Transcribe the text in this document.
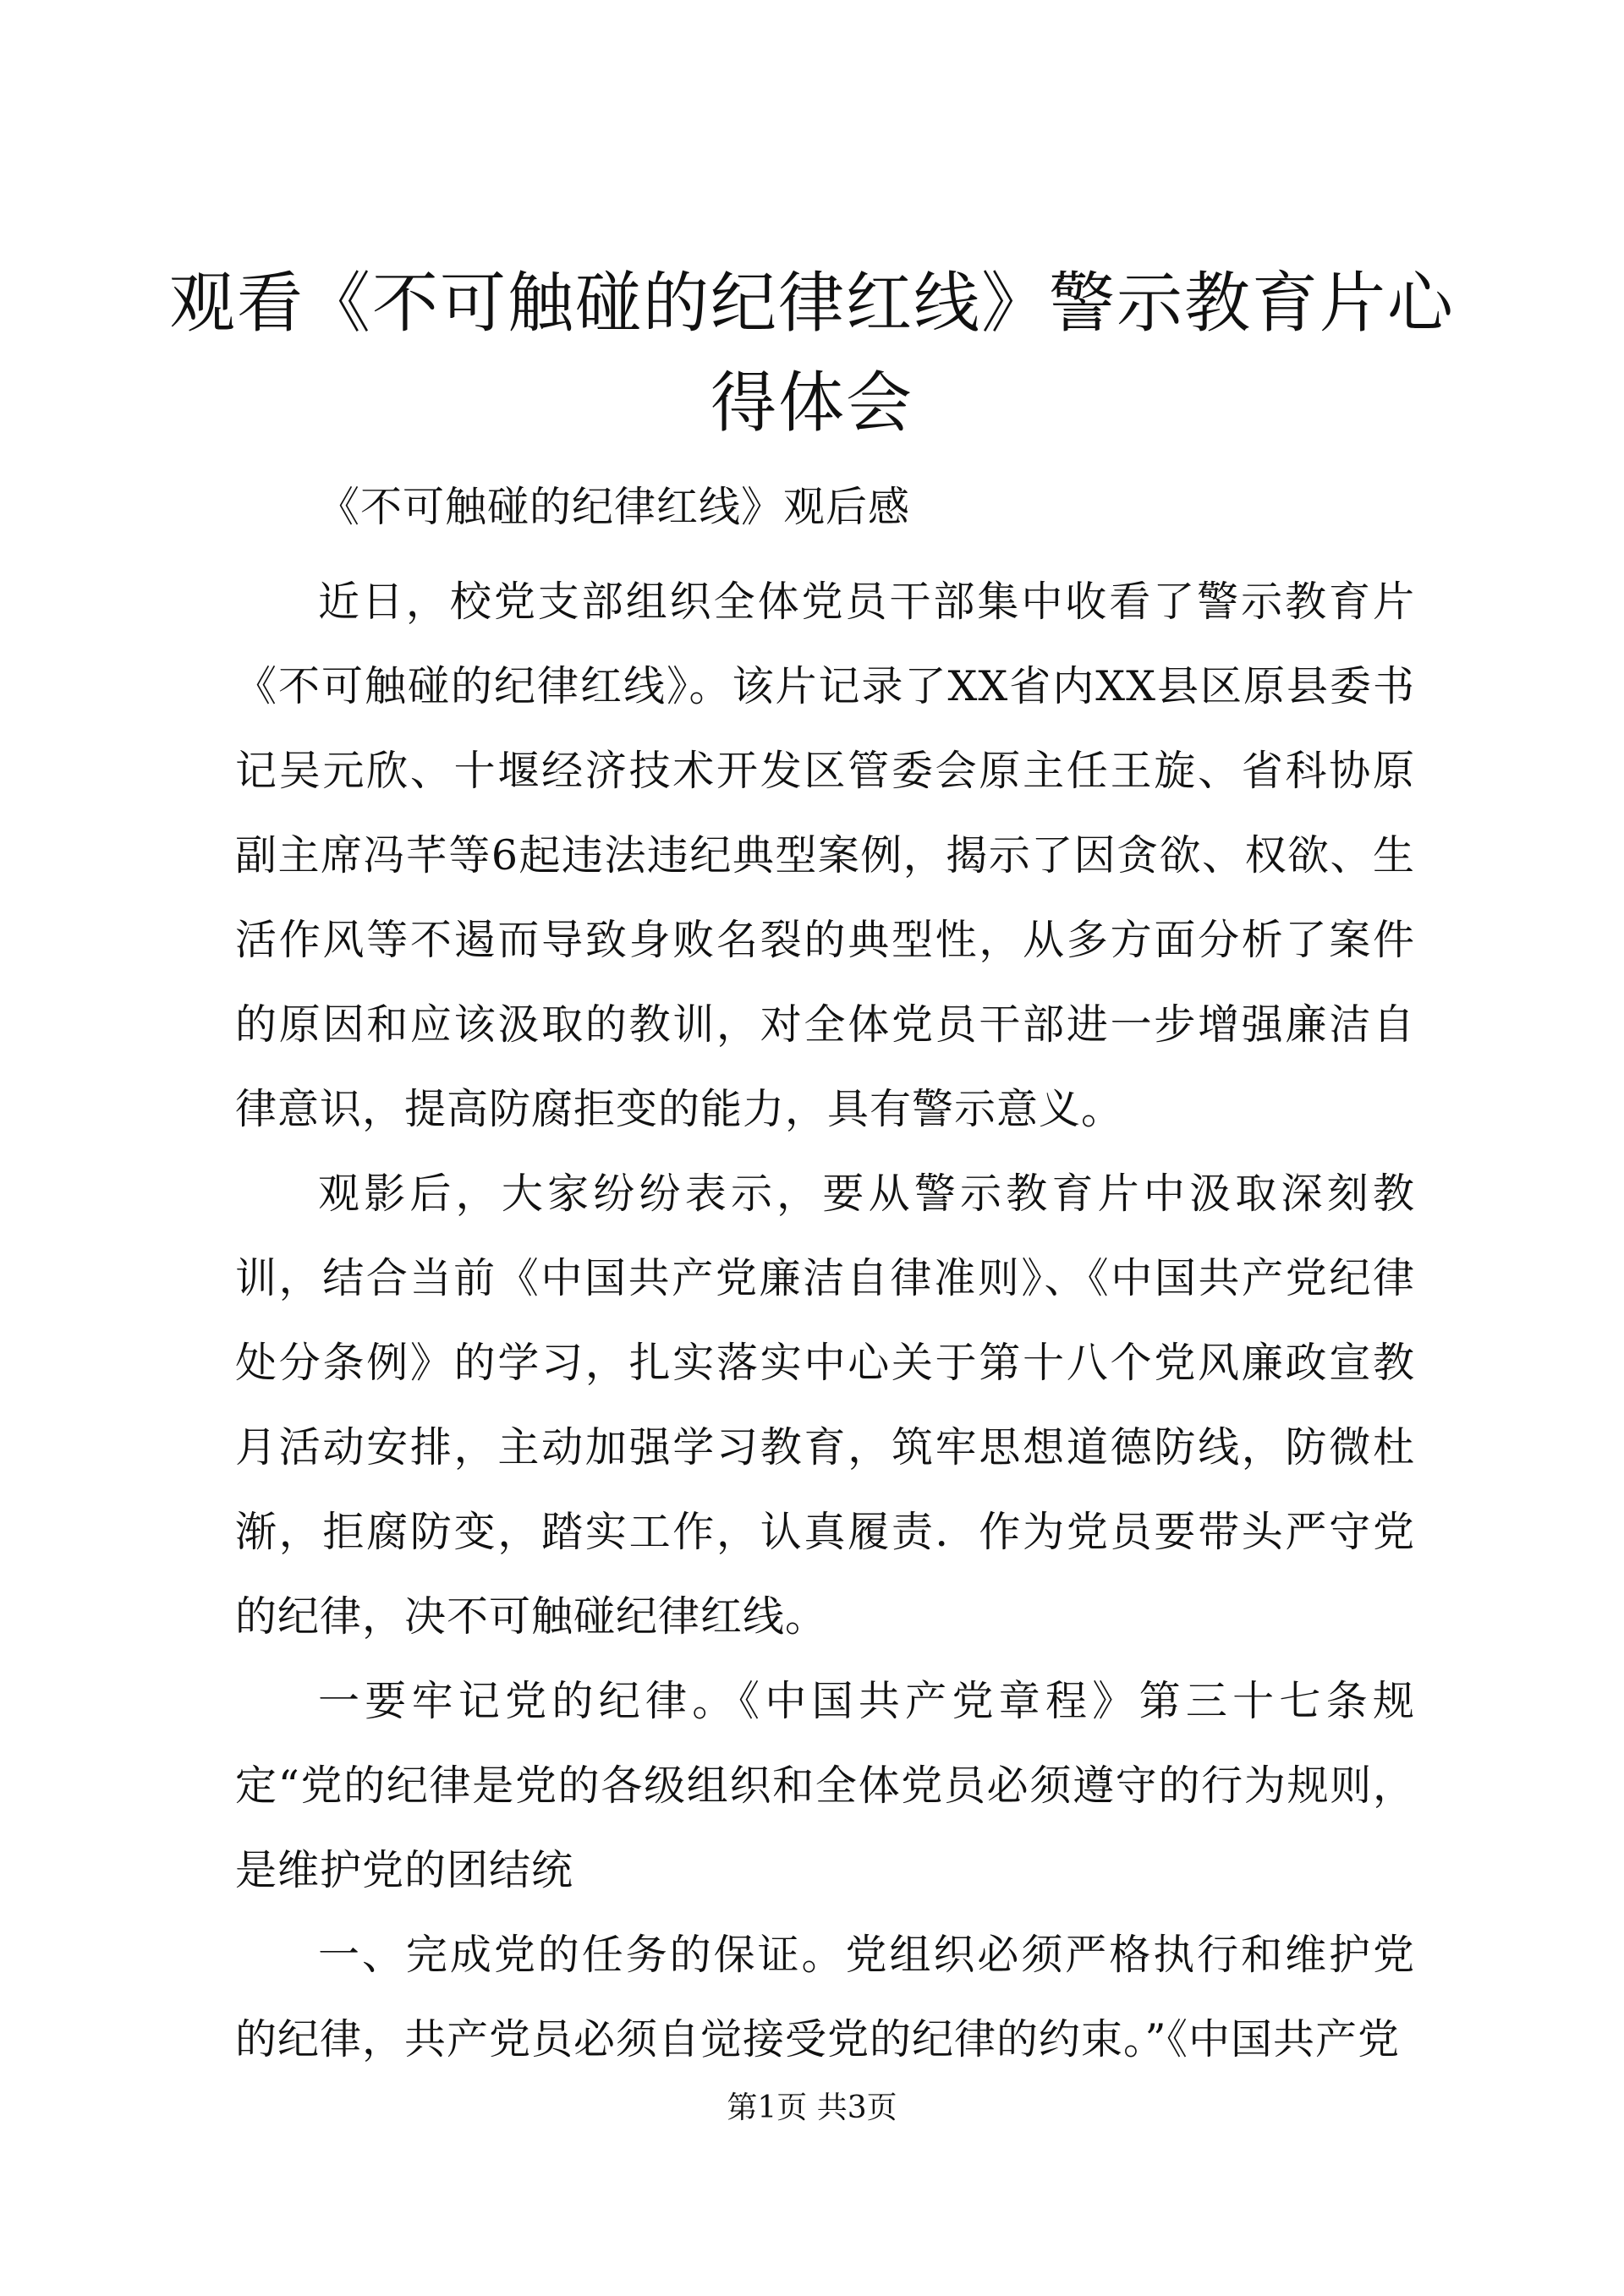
观看《不可触碰的纪律红线》警示教育片心得体会

《不可触碰的纪律红线》观后感

近日，校党支部组织全体党员干部集中收看了警示教育片《不可触碰的纪律红线》。该片记录了XX省内XX县区原县委书记吴元欣、十堰经济技术开发区管委会原主任王旋、省科协原副主席冯芊等6起违法违纪典型案例，揭示了因贪欲、权欲、生活作风等不遏而导致身败名裂的典型性，从多方面分析了案件的原因和应该汲取的教训，对全体党员干部进一步增强廉洁自律意识，提高防腐拒变的能力，具有警示意义。

观影后，大家纷纷表示，要从警示教育片中汲取深刻教训，结合当前《中国共产党廉洁自律准则》、《中国共产党纪律处分条例》的学习，扎实落实中心关于第十八个党风廉政宣教月活动安排，主动加强学习教育，筑牢思想道德防线，防微杜渐，拒腐防变，踏实工作，认真履责．作为党员要带头严守党的纪律，决不可触碰纪律红线。

一要牢记党的纪律。《中国共产党章程》第三十七条规定“党的纪律是党的各级组织和全体党员必须遵守的行为规则，是维护党的团结统

一、完成党的任务的保证。党组织必须严格执行和维护党的纪律，共产党员必须自觉接受党的纪律的约束。”《中国共产党

第1页 共3页
